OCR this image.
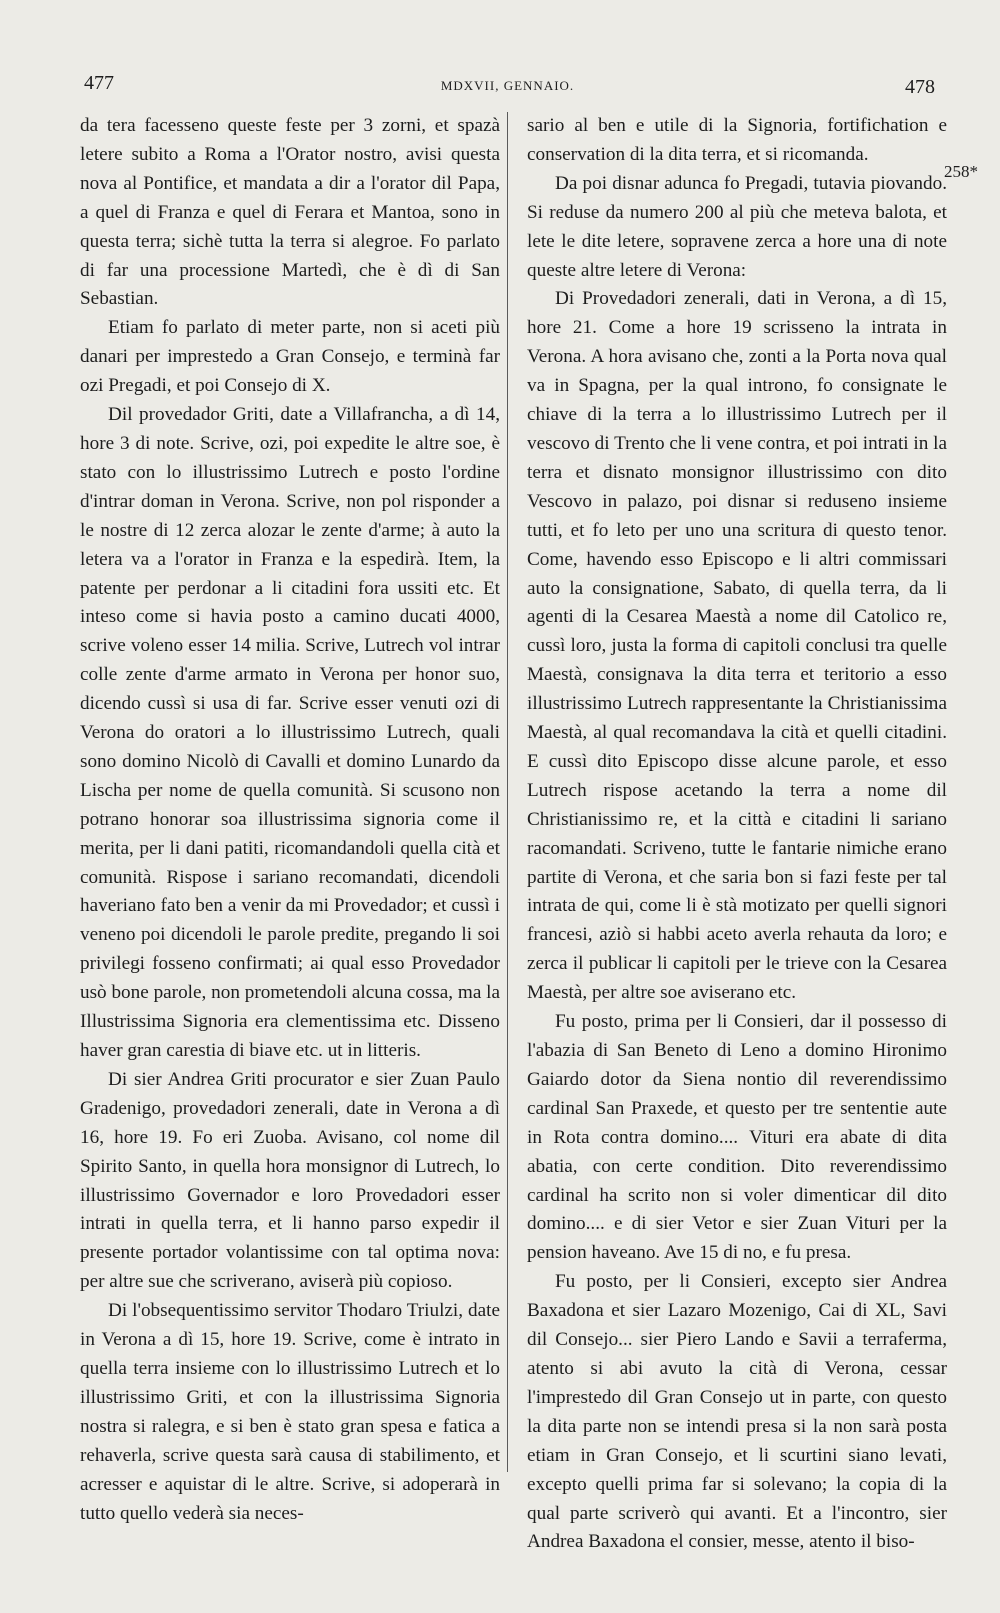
477	MDXVII, GENNAIO.	478
258*

da tera facesseno queste feste per 3 zorni, et spazà letere subito a Roma a l'Orator nostro, avisi questa nova al Pontifice, et mandata a dir a l'orator dil Papa, a quel di Franza e quel di Ferara et Mantoa, sono in questa terra; sichè tutta la terra si alegroe. Fo parlato di far una processione Martedì, che è dì di San Sebastian.

Etiam fo parlato di meter parte, non si aceti più danari per imprestedo a Gran Consejo, e terminà far ozi Pregadi, et poi Consejo di X.

Dil provedador Griti, date a Villafrancha, a dì 14, hore 3 di note. Scrive, ozi, poi expedite le altre soe, è stato con lo illustrissimo Lutrech e posto l'ordine d'intrar doman in Verona. Scrive, non pol risponder a le nostre di 12 zerca alozar le zente d'arme; à auto la letera va a l'orator in Franza e la espedirà. Item, la patente per perdonar a li citadini fora ussiti etc. Et inteso come si havia posto a camino ducati 4000, scrive voleno esser 14 milia. Scrive, Lutrech vol intrar colle zente d'arme armato in Verona per honor suo, dicendo cussì si usa di far. Scrive esser venuti ozi di Verona do oratori a lo illustrissimo Lutrech, quali sono domino Nicolò di Cavalli et domino Lunardo da Lischa per nome de quella comunità. Si scusono non potrano honorar soa illustrissima signoria come il merita, per li dani patiti, ricomandandoli quella cità et comunità. Rispose i sariano recomandati, dicendoli haveriano fato ben a venir da mi Provedador; et cussì i veneno poi dicendoli le parole predite, pregando li soi privilegi fosseno confirmati; ai qual esso Provedador usò bone parole, non prometendoli alcuna cossa, ma la Illustrissima Signoria era clementissima etc. Disseno haver gran carestia di biave etc. ut in litteris.

Di sier Andrea Griti procurator e sier Zuan Paulo Gradenigo, provedadori zenerali, date in Verona a dì 16, hore 19. Fo eri Zuoba. Avisano, col nome dil Spirito Santo, in quella hora monsignor di Lutrech, lo illustrissimo Governador e loro Provedadori esser intrati in quella terra, et li hanno parso expedir il presente portador volantissime con tal optima nova: per altre sue che scriverano, aviserà più copioso.

Di l'obsequentissimo servitor Thodaro Triulzi, date in Verona a dì 15, hore 19. Scrive, come è intrato in quella terra insieme con lo illustrissimo Lutrech et lo illustrissimo Griti, et con la illustrissima Signoria nostra si ralegra, e si ben è stato gran spesa e fatica a rehaverla, scrive questa sarà causa di stabilimento, et acresser e aquistar di le altre. Scrive, si adoperarà in tutto quello vederà sia neces-

sario al ben e utile di la Signoria, fortifichation e conservation di la dita terra, et si ricomanda.

Da poi disnar adunca fo Pregadi, tutavia piovando. Si reduse da numero 200 al più che meteva balota, et lete le dite letere, sopravene zerca a hore una di note queste altre letere di Verona:

Di Provedadori zenerali, dati in Verona, a dì 15, hore 21. Come a hore 19 scrisseno la intrata in Verona. A hora avisano che, zonti a la Porta nova qual va in Spagna, per la qual introno, fo consignate le chiave di la terra a lo illustrissimo Lutrech per il vescovo di Trento che li vene contra, et poi intrati in la terra et disnato monsignor illustrissimo con dito Vescovo in palazo, poi disnar si reduseno insieme tutti, et fo leto per uno una scritura di questo tenor. Come, havendo esso Episcopo e li altri commissari auto la consignatione, Sabato, di quella terra, da li agenti di la Cesarea Maestà a nome dil Catolico re, cussì loro, justa la forma di capitoli conclusi tra quelle Maestà, consignava la dita terra et teritorio a esso illustrissimo Lutrech rappresentante la Christianissima Maestà, al qual recomandava la cità et quelli citadini. E cussì dito Episcopo disse alcune parole, et esso Lutrech rispose acetando la terra a nome dil Christianissimo re, et la città e citadini li sariano racomandati. Scriveno, tutte le fantarie nimiche erano partite di Verona, et che saria bon si fazi feste per tal intrata de qui, come li è stà motizato per quelli signori francesi, aziò si habbi aceto averla rehauta da loro; e zerca il publicar li capitoli per le trieve con la Cesarea Maestà, per altre soe aviserano etc.

Fu posto, prima per li Consieri, dar il possesso di l'abazia di San Beneto di Leno a domino Hironimo Gaiardo dotor da Siena nontio dil reverendissimo cardinal San Praxede, et questo per tre sententie aute in Rota contra domino.... Vituri era abate di dita abatia, con certe condition. Dito reverendissimo cardinal ha scrito non si voler dimenticar dil dito domino.... e di sier Vetor e sier Zuan Vituri per la pension haveano. Ave 15 di no, e fu presa.

Fu posto, per li Consieri, excepto sier Andrea Baxadona et sier Lazaro Mozenigo, Cai di XL, Savi dil Consejo... sier Piero Lando e Savii a terraferma, atento si abi avuto la cità di Verona, cessar l'imprestedo dil Gran Consejo ut in parte, con questo la dita parte non se intendi presa si la non sarà posta etiam in Gran Consejo, et li scurtini siano levati, excepto quelli prima far si solevano; la copia di la qual parte scriverò qui avanti. Et a l'incontro, sier Andrea Baxadona el consier, messe, atento il biso-
